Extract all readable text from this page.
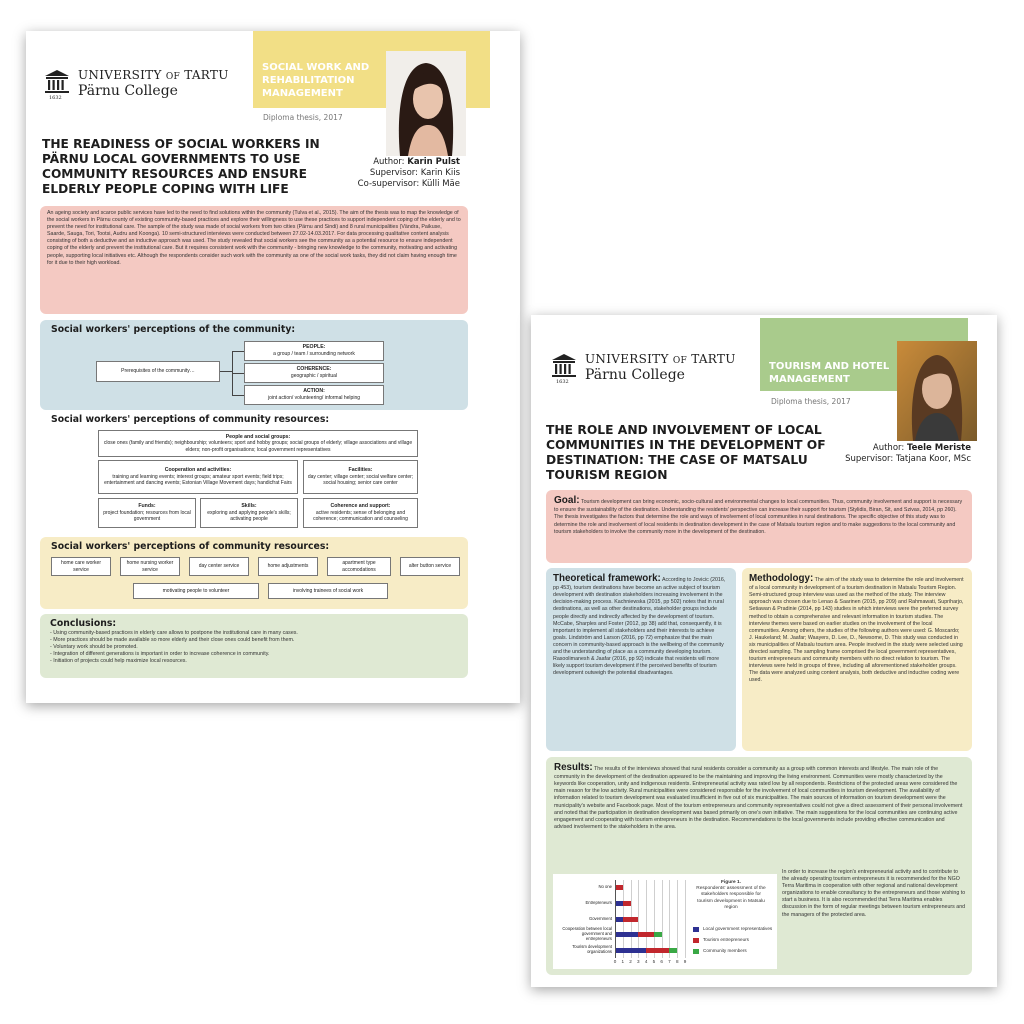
1632
UNIVERSITY OF TARTU
Pärnu College
SOCIAL WORK AND REHABILITATION MANAGEMENT
Diploma thesis, 2017
THE READINESS OF SOCIAL WORKERS IN PÄRNU LOCAL GOVERNMENTS TO USE COMMUNITY RESOURCES AND ENSURE ELDERLY PEOPLE COPING WITH LIFE
Author: Karin Pulst
Supervisor: Karin Kiis
Co-supervisor: Külli Mäe
An ageing society and scarce public services have led to the need to find solutions within the community (Tulva et al., 2015). The aim of the thesis was to map the knowledge of the social workers in Pärnu county of existing community-based practices and explore their willingness to use these practices to support independent coping of the elderly and to prevent the need for institutional care. The sample of the study was made of social workers from two cities (Pärnu and Sindi) and 8 rural municipalities (Vändra, Paikuse, Saarde, Sauga, Tori, Tootsi, Audru and Koonga). 10 semi-structured interviews were conducted between 27.02-14.03.2017. For data processing qualitative content analysis consisting of both a deductive and an inductive approach was used. The study revealed that social workers see the community as a potential resource to ensure independent coping of the elderly and prevent the institutional care. But it requires consistent work with the community - bringing new knowledge to the community, motivating and activating people, supporting local initiatives etc. Although the respondents consider such work with the community as one of the social work tasks, they did not claim having enough time for it due to their high workload.
Social workers' perceptions of the community:
Prerequisites of the community…
PEOPLE:
a group / team / surrounding network
COHERENCE:
geographic / spiritual
ACTION:
joint action/ volunteering/ informal helping
Social workers' perceptions of community resources:
People and social groups:
close ones (family and friends); neighbourship; volunteers; sport and hobby groups; social groups of elderly; village associations and village elders; non-profit organisations; local government representatives
Cooperation and activities:
training and learning events; interest groups; amateur sport events; field trips; entertainment and dancing events; Estonian Village Movement days; handicfrat Fairs
Facilities:
day center; village center; social welfare center; social housing; senior care center
Funds:
project foundation; resources from local government
Skills:
exploring and applying people's skills; activating people
Coherence and support:
active residents; sense of belonging and coherence; communication and counseling
Social workers' perceptions of community resources:
home care worker service
home nursing worker service
day center service	home adjustments
apartment type accomodations
alter button service
motivating people to volunteer	involving trainees of social work
Conclusions:
- Using community-based practices in elderly care allows to postpone the institutional care in many cases.
- More practices should be made available so more elderly and their close ones could benefit from them.
- Voluntary work should be promoted.
- Integration of different generations is important in order to increase coherence in community.
- Initiation of projects could help maximize local resources.
1632
UNIVERSITY OF TARTU
Pärnu College
TOURISM AND HOTEL MANAGEMENT
Diploma thesis, 2017
THE ROLE AND INVOLVEMENT OF LOCAL COMMUNITIES IN THE DEVELOPMENT OF DESTINATION: THE CASE OF MATSALU TOURISM REGION
Author: Teele Meriste
Supervisor: Tatjana Koor, MSc
Goal: Tourism development can bring economic, socio-cultural and environmental changes to local communities. Thus, community involvement and support is necessary to ensure the sustainability of the destination. Understanding the residents' perspective can increase their support for tourism (Stylidis, Biran, Sit, and Szivas, 2014, pp 260). The thesis investigates the factors that determine the role and ways of involvement of local communities in rural destinations. The specific objective of this study was to determine the role and involvement of local residents in destination development in the case of Matsalu tourism region and to make suggestions to the local community and tourism stakeholders to involve the community more in the development of the destination.
Theoretical framework: According to Jovicic (2016, pp 453), tourism destinations have become an active subject of tourism development with destination stakeholders increasing involvement in the decision-making process. Kachniewska (2015, pp 502) notes that in rural destinations, as well as other destinations, stakeholder groups include people directly and indirectly affected by the development of tourism. McCabe, Sharples and Foster (2012, pp 38) add that, consequently, it is important to implement all stakeholders and their interests to achieve goals. Lindström and Larson (2016, pp 72) emphasize that the main concern in community-based approach is the wellbeing of the community and the understanding of place as a community developing tourism. Rasoolimanesh & Jaafar (2016, pp 92) indicate that residents will more likely support tourism development if the perceived benefits of tourism development outweigh the potential disadvantages.
Methodology: The aim of the study was to determine the role and involvement of a local community in development of a tourism destination in Matsalu Tourism Region. Semi-structured group interview was used as the method of the study. The interview approach was chosen due to Lenao & Saarinen (2015, pp 209) and Rahmawati, Supriharjo, Setiawan & Pradinie (2014, pp 143) studies in which interviews were the preferred survey method to obtain a comprehensive and relevant information in tourism studies. The interview themes were based on earlier studies on the involvement of the local communities. Among others, the studies of the following authors were used: G. Moscardo; J. Haukeland; M. Jaafar; Waayers, D. Lee, D., Newsome, D. This study was conducted in six municipalities of Matsalu tourism area. People involved in the study were selected using directed sampling. The sampling frame comprised the local government representatives, tourism entrepreneurs and community members with no direct relation to tourism. The interviews were held in groups of three, including all aforementioned stakeholder groups. The data were analyzed using content analysis, both deductive and inductive coding were used.
Results: The results of the interviews showed that rural residents consider a community as a group with common interests and lifestyle. The main role of the community in the development of the destination appeared to be the maintaining and improving the living environment. Communities were mostly characterized by the keywords like cooperation, unity and indigenous residents. Entrepreneurial activity was rated low by all respondents. Restrictions of the protected areas were considered the main reason for the low activity. Rural municipalities were considered responsible for the involvement of local communities in tourism development. The availability of information related to tourism development was evaluated insufficient in five out of six municipalities. The main sources of information on tourism development were the municipality's website and Facebook page. Most of the tourism entrepreneurs and community representatives could not give a direct assessment of their personal involvement and noted that the participation in destination development was based primarily on one's own initiative. The main suggestions for the local communities are continuing active engagement and cooperating with tourism entrepreneurs in the destination. Recommendations to the local governments include providing effective communication and advised involvement to the stakeholders in the area.
In order to increase the region's entrepreneurial activity and to contribute to the already operating tourism entrepreneurs it is recommended for the NGO Terra Maritima in cooperation with other regional and national development organizations to enable consultancy to the entrepreneurs and those wishing to start a business. It is also recommended that Terra Maritima enables discussion in the form of regular meetings between tourism entrepreneurs and the managers of the protected area.
0	1	2	3	4	5	6	7	8	9
No one
Entrepreneurs
Government
Cooperation between local government and entrepreneurs
Tourism development organizations
Figure 1.
Respondents' assessment of the stakeholders responsible for tourism development in Matsalu region
Local government representatives
Tourism entrepreneurs
Community members
